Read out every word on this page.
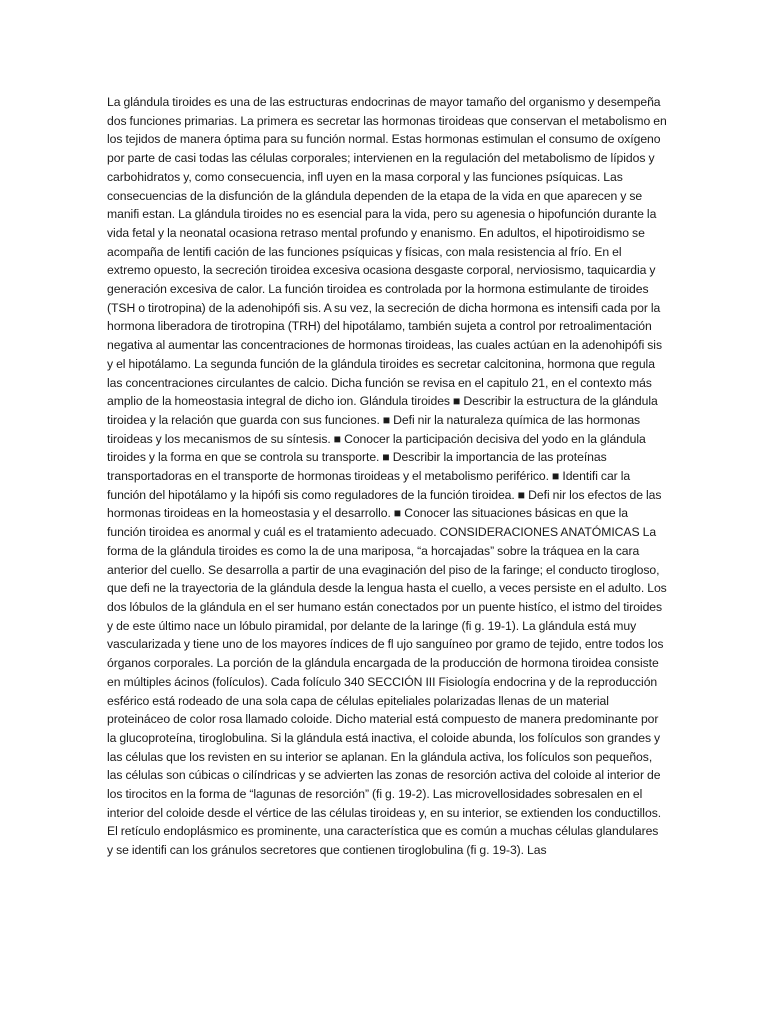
La glándula tiroides es una de las estructuras endocrinas de mayor tamaño del organismo y desempeña dos funciones primarias. La primera es secretar las hormonas tiroideas que conservan el metabolismo en los tejidos de manera óptima para su función normal. Estas hormonas estimulan el consumo de oxígeno por parte de casi todas las células corporales; intervienen en la regulación del metabolismo de lípidos y carbohidratos y, como consecuencia, infl uyen en la masa corporal y las funciones psíquicas. Las consecuencias de la disfunción de la glándula dependen de la etapa de la vida en que aparecen y se manifi estan. La glándula tiroides no es esencial para la vida, pero su agenesia o hipofunción durante la vida fetal y la neonatal ocasiona retraso mental profundo y enanismo. En adultos, el hipotiroidismo se acompaña de lentifi cación de las funciones psíquicas y físicas, con mala resistencia al frío. En el extremo opuesto, la secreción tiroidea excesiva ocasiona desgaste corporal, nerviosismo, taquicardia y generación excesiva de calor. La función tiroidea es controlada por la hormona estimulante de tiroides (TSH o tirotropina) de la adenohipófi sis. A su vez, la secreción de dicha hormona es intensifi cada por la hormona liberadora de tirotropina (TRH) del hipotálamo, también sujeta a control por retroalimentación negativa al aumentar las concentraciones de hormonas tiroideas, las cuales actúan en la adenohipófi sis y el hipotálamo. La segunda función de la glándula tiroides es secretar calcitonina, hormona que regula las concentraciones circulantes de calcio. Dicha función se revisa en el capitulo 21, en el contexto más amplio de la homeostasia integral de dicho ion. Glándula tiroides ■ Describir la estructura de la glándula tiroidea y la relación que guarda con sus funciones. ■ Defi nir la naturaleza química de las hormonas tiroideas y los mecanismos de su síntesis. ■ Conocer la participación decisiva del yodo en la glándula tiroides y la forma en que se controla su transporte. ■ Describir la importancia de las proteínas transportadoras en el transporte de hormonas tiroideas y el metabolismo periférico. ■ Identifi car la función del hipotálamo y la hipófi sis como reguladores de la función tiroidea. ■ Defi nir los efectos de las hormonas tiroideas en la homeostasia y el desarrollo. ■ Conocer las situaciones básicas en que la función tiroidea es anormal y cuál es el tratamiento adecuado. CONSIDERACIONES ANATÓMICAS La forma de la glándula tiroides es como la de una mariposa, “a horcajadas” sobre la tráquea en la cara anterior del cuello. Se desarrolla a partir de una evaginación del piso de la faringe; el conducto tirogloso, que defi ne la trayectoria de la glándula desde la lengua hasta el cuello, a veces persiste en el adulto. Los dos lóbulos de la glándula en el ser humano están conectados por un puente histíco, el istmo del tiroides y de este último nace un lóbulo piramidal, por delante de la laringe (fi g. 19-1). La glándula está muy vascularizada y tiene uno de los mayores índices de fl ujo sanguíneo por gramo de tejido, entre todos los órganos corporales. La porción de la glándula encargada de la producción de hormona tiroidea consiste en múltiples ácinos (folículos). Cada folículo 340 SECCIÓN III Fisiología endocrina y de la reproducción esférico está rodeado de una sola capa de células epiteliales polarizadas llenas de un material proteináceo de color rosa llamado coloide. Dicho material está compuesto de manera predominante por la glucoproteína, tiroglobulina. Si la glándula está inactiva, el coloide abunda, los folículos son grandes y las células que los revisten en su interior se aplanan. En la glándula activa, los folículos son pequeños, las células son cúbicas o cilíndricas y se advierten las zonas de resorción activa del coloide al interior de los tirocitos en la forma de “lagunas de resorción” (fi g. 19-2). Las microvellosidades sobresalen en el interior del coloide desde el vértice de las células tiroideas y, en su interior, se extienden los conductillos. El retículo endoplásmico es prominente, una característica que es común a muchas células glandulares y se identifi can los gránulos secretores que contienen tiroglobulina (fi g. 19-3). Las
